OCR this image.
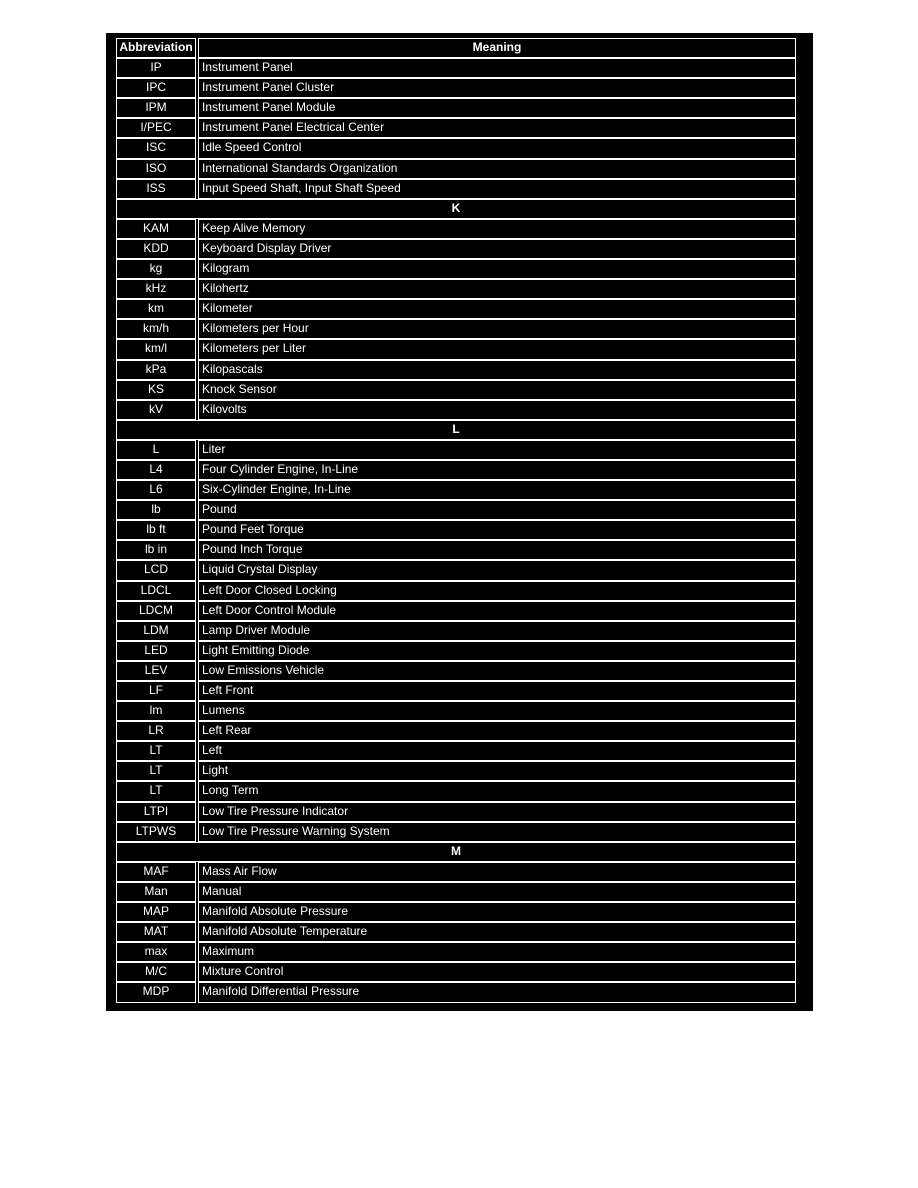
Abbreviation	Meaning
IP	Instrument Panel
IPC	Instrument Panel Cluster
IPM	Instrument Panel Module
I/PEC	Instrument Panel Electrical Center
ISC	Idle Speed Control
ISO	International Standards Organization
ISS	Input Speed Shaft, Input Shaft Speed
K
KAM	Keep Alive Memory
KDD	Keyboard Display Driver
kg	Kilogram
kHz	Kilohertz
km	Kilometer
km/h	Kilometers per Hour
km/l	Kilometers per Liter
kPa	Kilopascals
KS	Knock Sensor
kV	Kilovolts
L
L	Liter
L4	Four Cylinder Engine, In-Line
L6	Six-Cylinder Engine, In-Line
lb	Pound
lb ft	Pound Feet Torque
lb in	Pound Inch Torque
LCD	Liquid Crystal Display
LDCL	Left Door Closed Locking
LDCM	Left Door Control Module
LDM	Lamp Driver Module
LED	Light Emitting Diode
LEV	Low Emissions Vehicle
LF	Left Front
lm	Lumens
LR	Left Rear
LT	Left
LT	Light
LT	Long Term
LTPI	Low Tire Pressure Indicator
LTPWS	Low Tire Pressure Warning System
M
MAF	Mass Air Flow
Man	Manual
MAP	Manifold Absolute Pressure
MAT	Manifold Absolute Temperature
max	Maximum
M/C	Mixture Control
MDP	Manifold Differential Pressure
